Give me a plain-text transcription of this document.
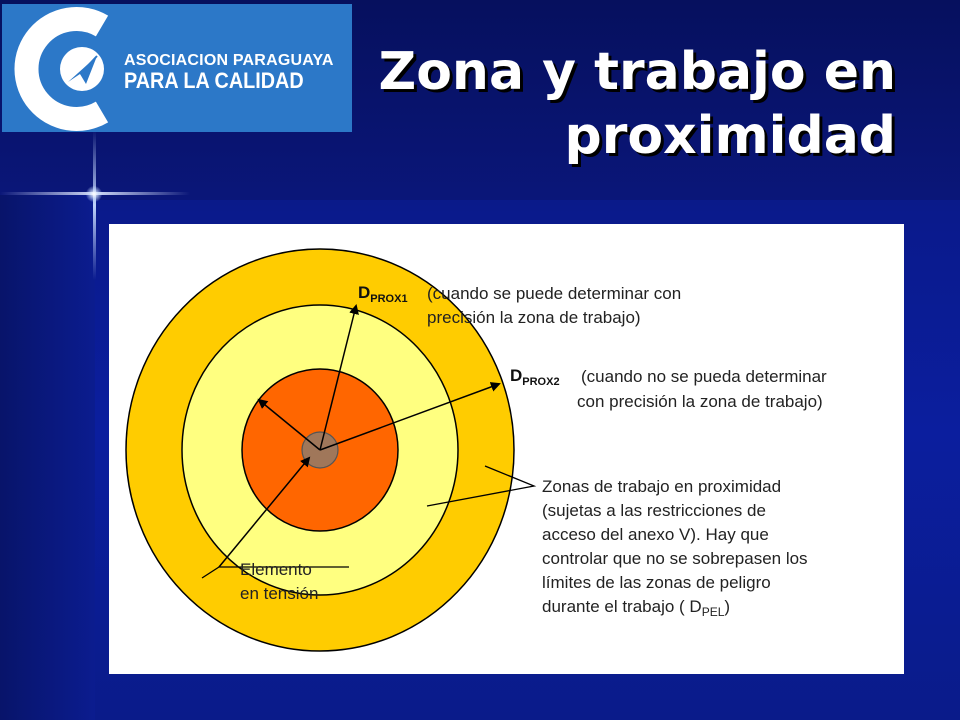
ASOCIACION PARAGUAYA
PARA LA CALIDAD	Zona y trabajo en
proximidad
$D_{PROX1}$ (cuando se puede determinar con
precisión la zona de trabajo)
$D_{PROX2}$ (cuando no se pueda determinar
con precisión la zona de trabajo)
Zonas de trabajo en proximidad
(sujetas a las restricciones de
acceso del anexo V). Hay que
controlar que no se sobrepasen los
límites de las zonas de peligro
durante el trabajo ( $D_{PEL}$)
Elemento
en tensión
